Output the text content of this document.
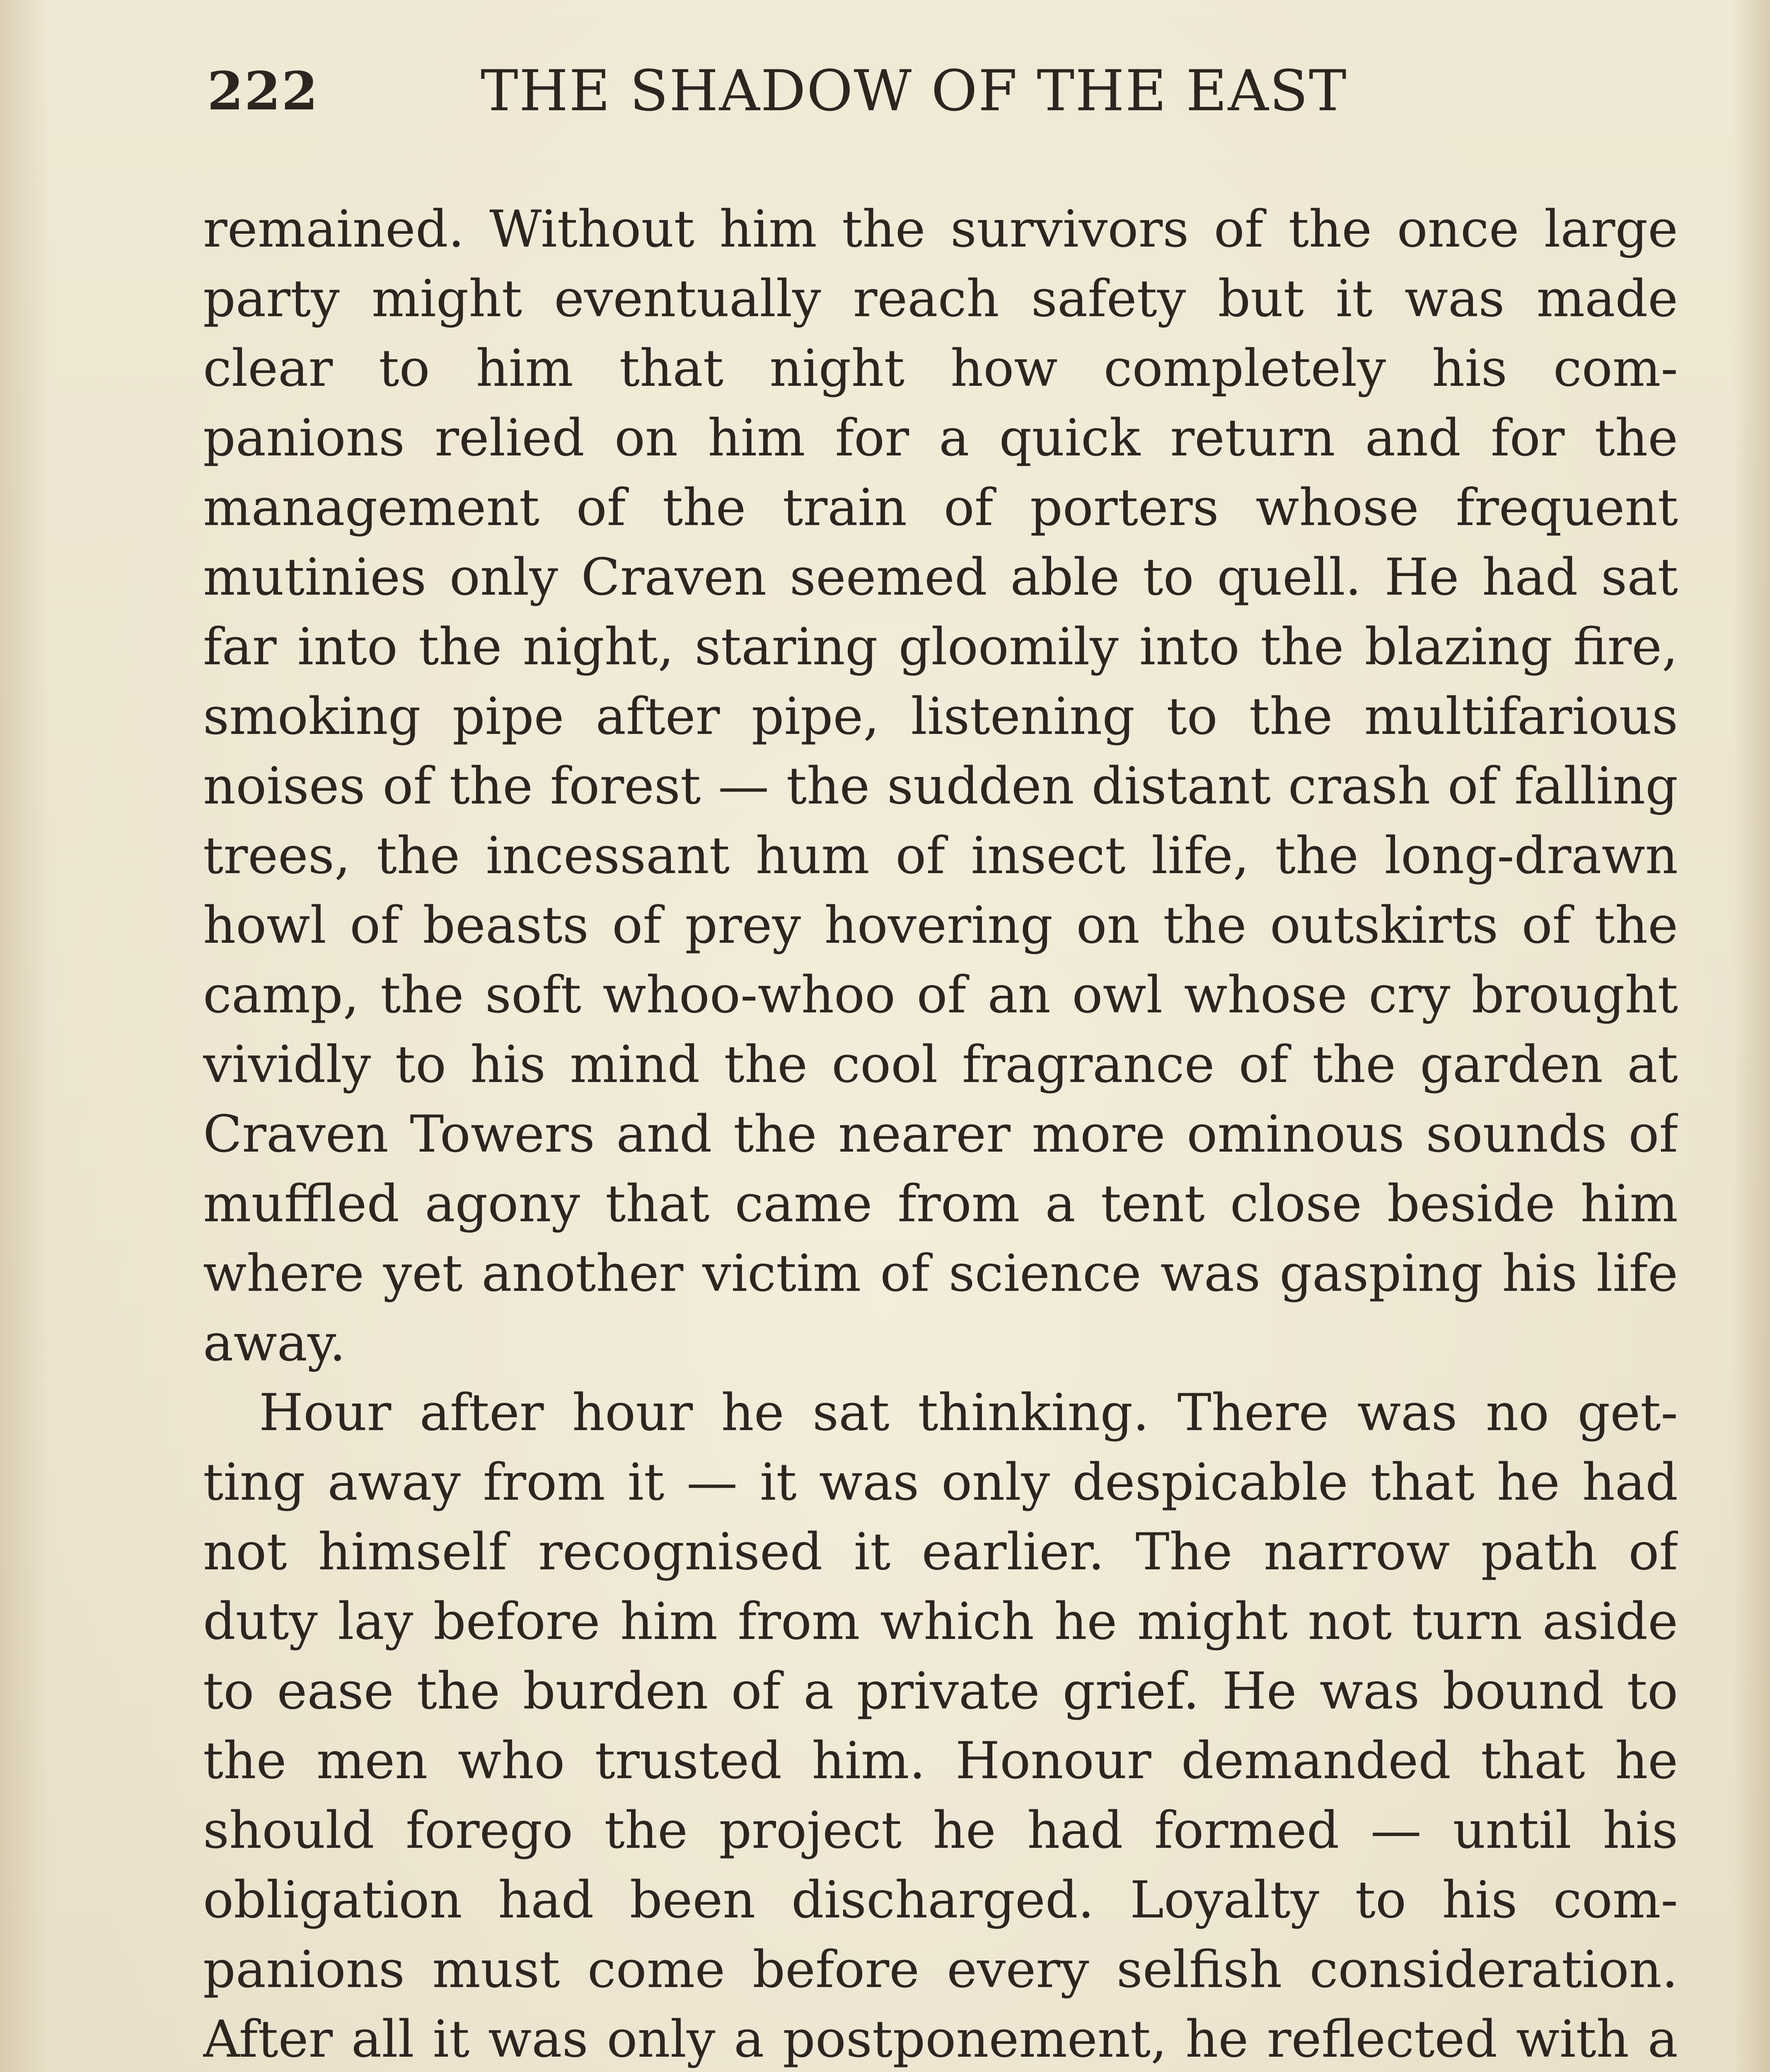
222	THE SHADOW OF THE EAST
remained. Without him the survivors of the once large
party might eventually reach safety but it was made
clear to him that night how completely his com-
panions relied on him for a quick return and for the
management of the train of porters whose frequent
mutinies only Craven seemed able to quell. He had sat
far into the night, staring gloomily into the blazing fire,
smoking pipe after pipe, listening to the multifarious
noises of the forest — the sudden distant crash of falling
trees, the incessant hum of insect life, the long-drawn
howl of beasts of prey hovering on the outskirts of the
camp, the soft whoo-whoo of an owl whose cry brought
vividly to his mind the cool fragrance of the garden at
Craven Towers and the nearer more ominous sounds of
muffled agony that came from a tent close beside him
where yet another victim of science was gasping his life
away.
Hour after hour he sat thinking. There was no get-
ting away from it — it was only despicable that he had
not himself recognised it earlier. The narrow path of
duty lay before him from which he might not turn aside
to ease the burden of a private grief. He was bound to
the men who trusted him. Honour demanded that he
should forego the project he had formed — until his
obligation had been discharged. Loyalty to his com-
panions must come before every selfish consideration.
After all it was only a postponement, he reflected with a
